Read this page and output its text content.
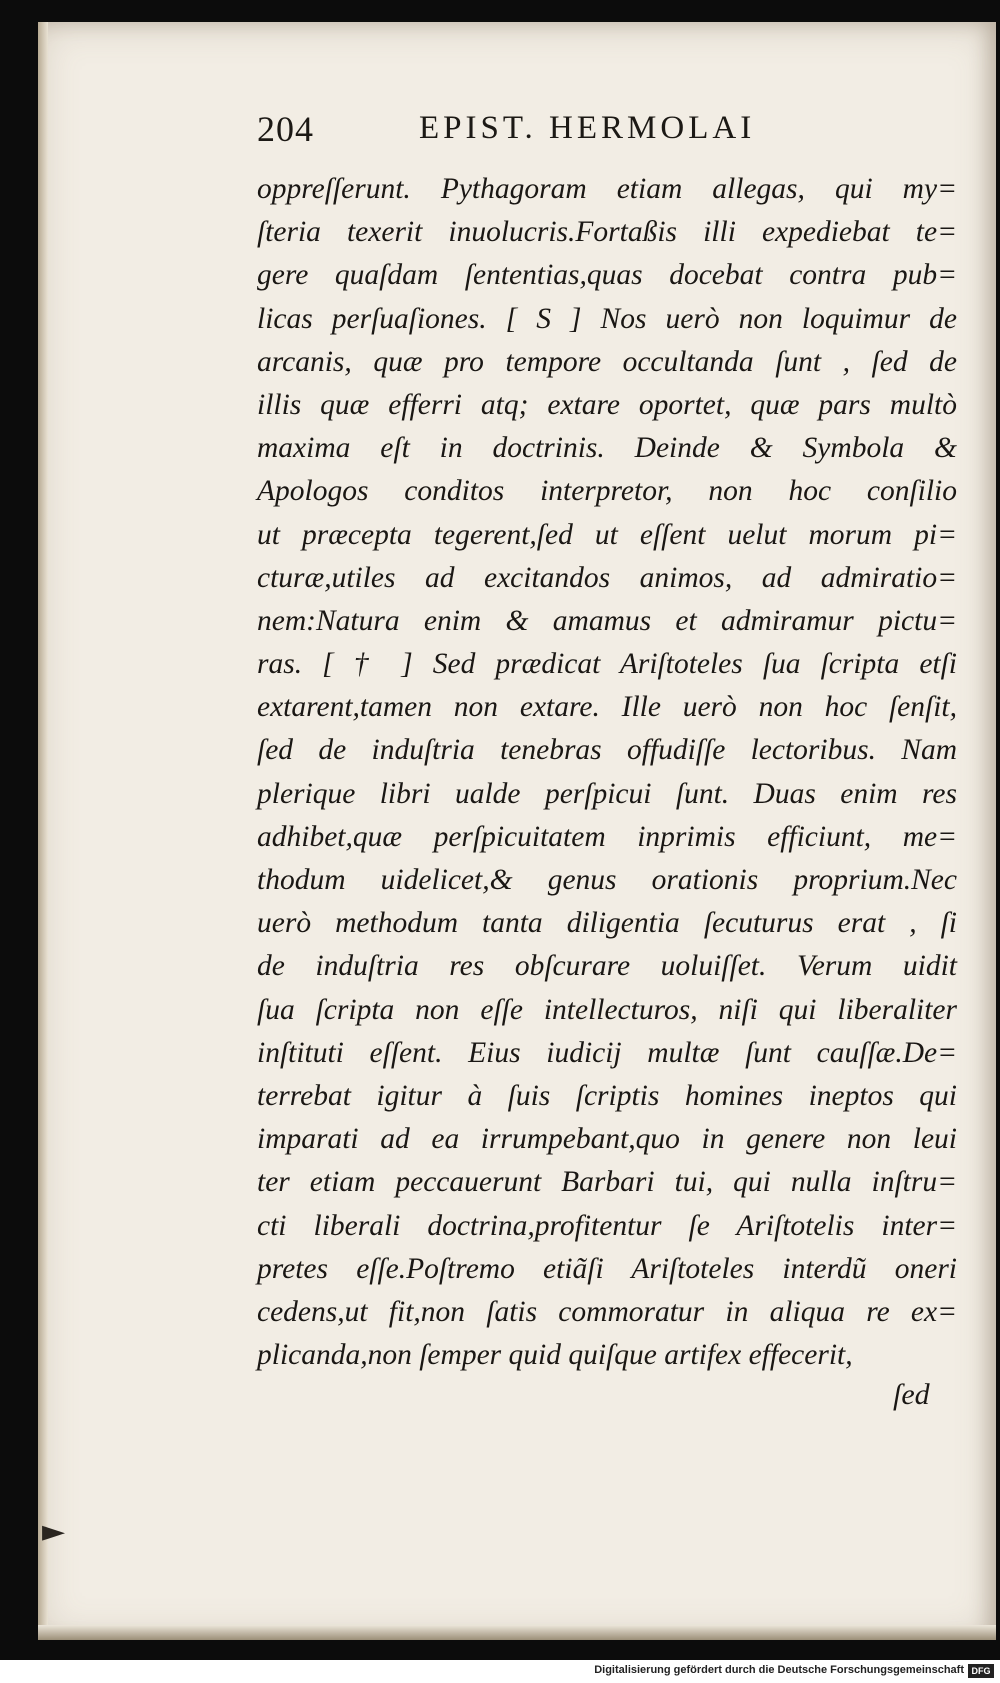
204	EPIST. HERMOLAI
oppreſſerunt. Pythagoram etiam allegas, qui my=
ſteria texerit inuolucris.Fortaßis illi expediebat te=
gere quaſdam ſententias,quas docebat contra pub=
licas perſuaſiones. [ S ] Nos uerò non loquimur de
arcanis, quæ pro tempore occultanda ſunt , ſed de
illis quæ efferri atq; extare oportet, quæ pars multò
maxima eſt in doctrinis. Deinde & Symbola &
Apologos conditos interpretor, non hoc conſilio
ut præcepta tegerent,ſed ut eſſent uelut morum pi=
cturæ,utiles ad excitandos animos, ad admiratio=
nem:Natura enim & amamus et admiramur pictu=
ras. [ † ] Sed prædicat Ariſtoteles ſua ſcripta etſi
extarent,tamen non extare. Ille uerò non hoc ſenſit,
ſed de induſtria tenebras offudiſſe lectoribus. Nam
plerique libri ualde perſpicui ſunt. Duas enim res
adhibet,quæ perſpicuitatem inprimis efficiunt, me=
thodum uidelicet,& genus orationis proprium.Nec
uerò methodum tanta diligentia ſecuturus erat , ſi
de induſtria res obſcurare uoluiſſet. Verum uidit
ſua ſcripta non eſſe intellecturos, niſi qui liberaliter
inſtituti eſſent. Eius iudicij multæ ſunt cauſſæ.De=
terrebat igitur à ſuis ſcriptis homines ineptos qui
imparati ad ea irrumpebant,quo in genere non leui
ter etiam peccauerunt Barbari tui, qui nulla inſtru=
cti liberali doctrina,profitentur ſe Ariſtotelis inter=
pretes eſſe.Poſtremo etiãſi Ariſtoteles interdũ oneri
cedens,ut fit,non ſatis commoratur in aliqua re ex=
plicanda,non ſemper quid quiſque artifex effecerit,
ſed
►
Digitalisierung gefördert durch die Deutsche Forschungsgemeinschaft DFG
